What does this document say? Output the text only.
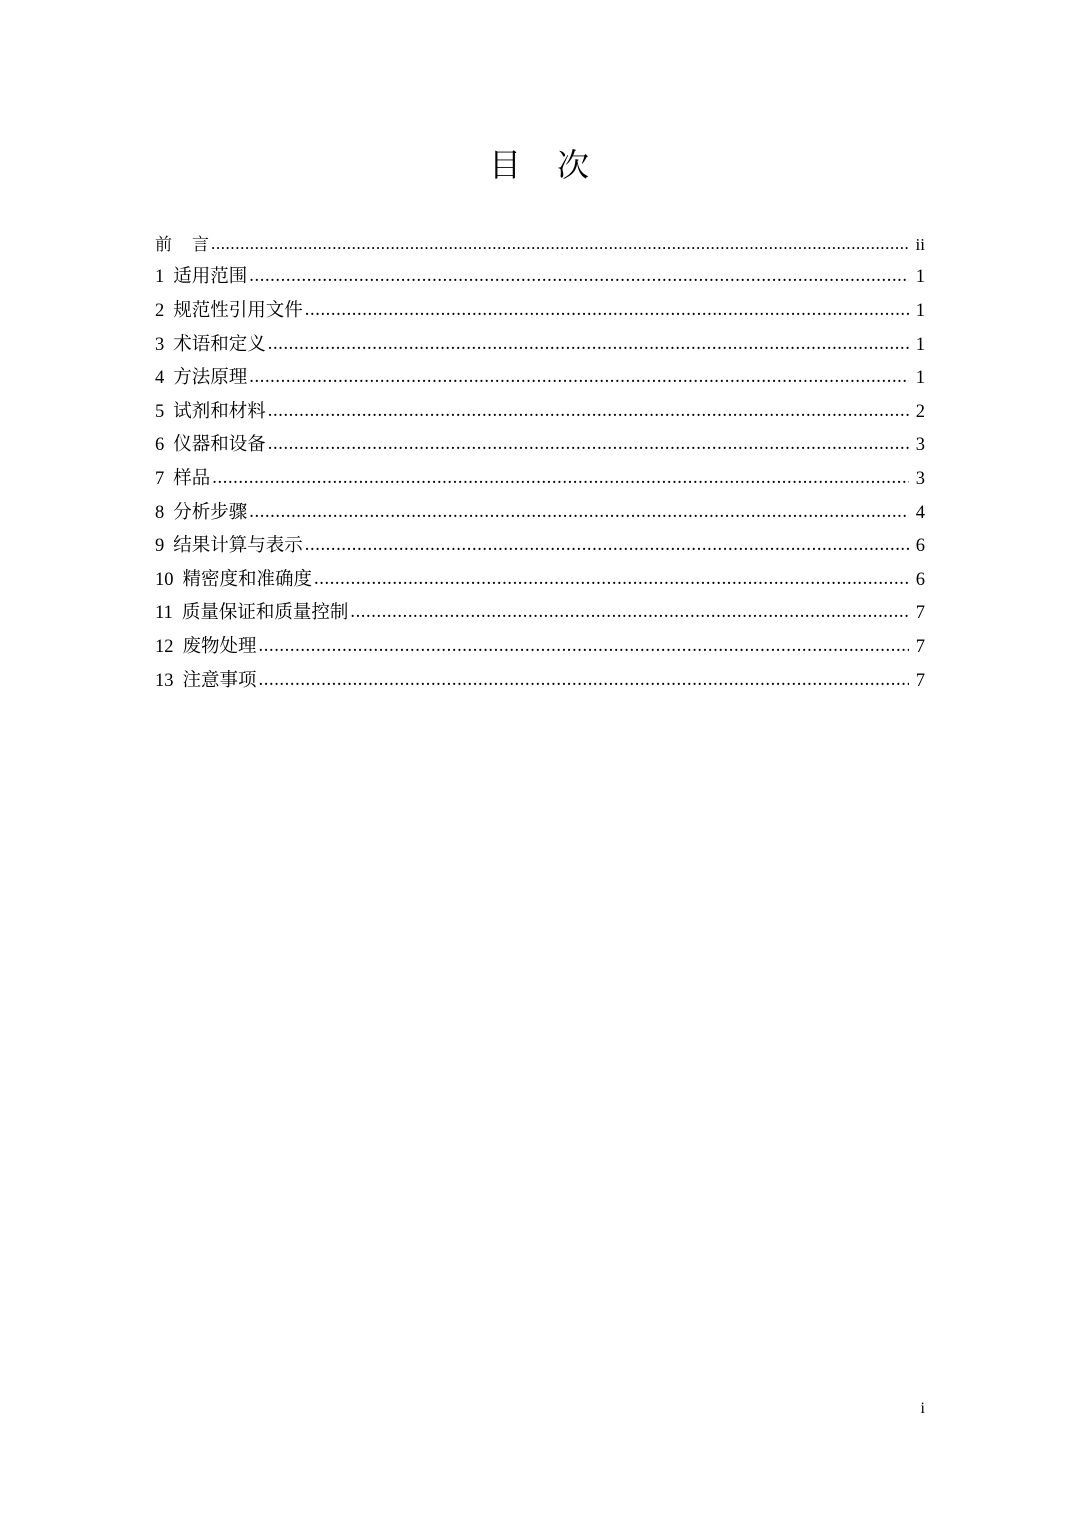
目 次
前 言 .....	ii
1 适用范围 .....	1
2 规范性引用文件 .....	1
3 术语和定义 .....	1
4 方法原理 .....	1
5 试剂和材料 .....	2
6 仪器和设备 .....	3
7 样品 .....	3
8 分析步骤 .....	4
9 结果计算与表示 .....	6
10 精密度和准确度 .....	6
11 质量保证和质量控制 .....	7
12 废物处理 .....	7
13 注意事项 .....	7
i
